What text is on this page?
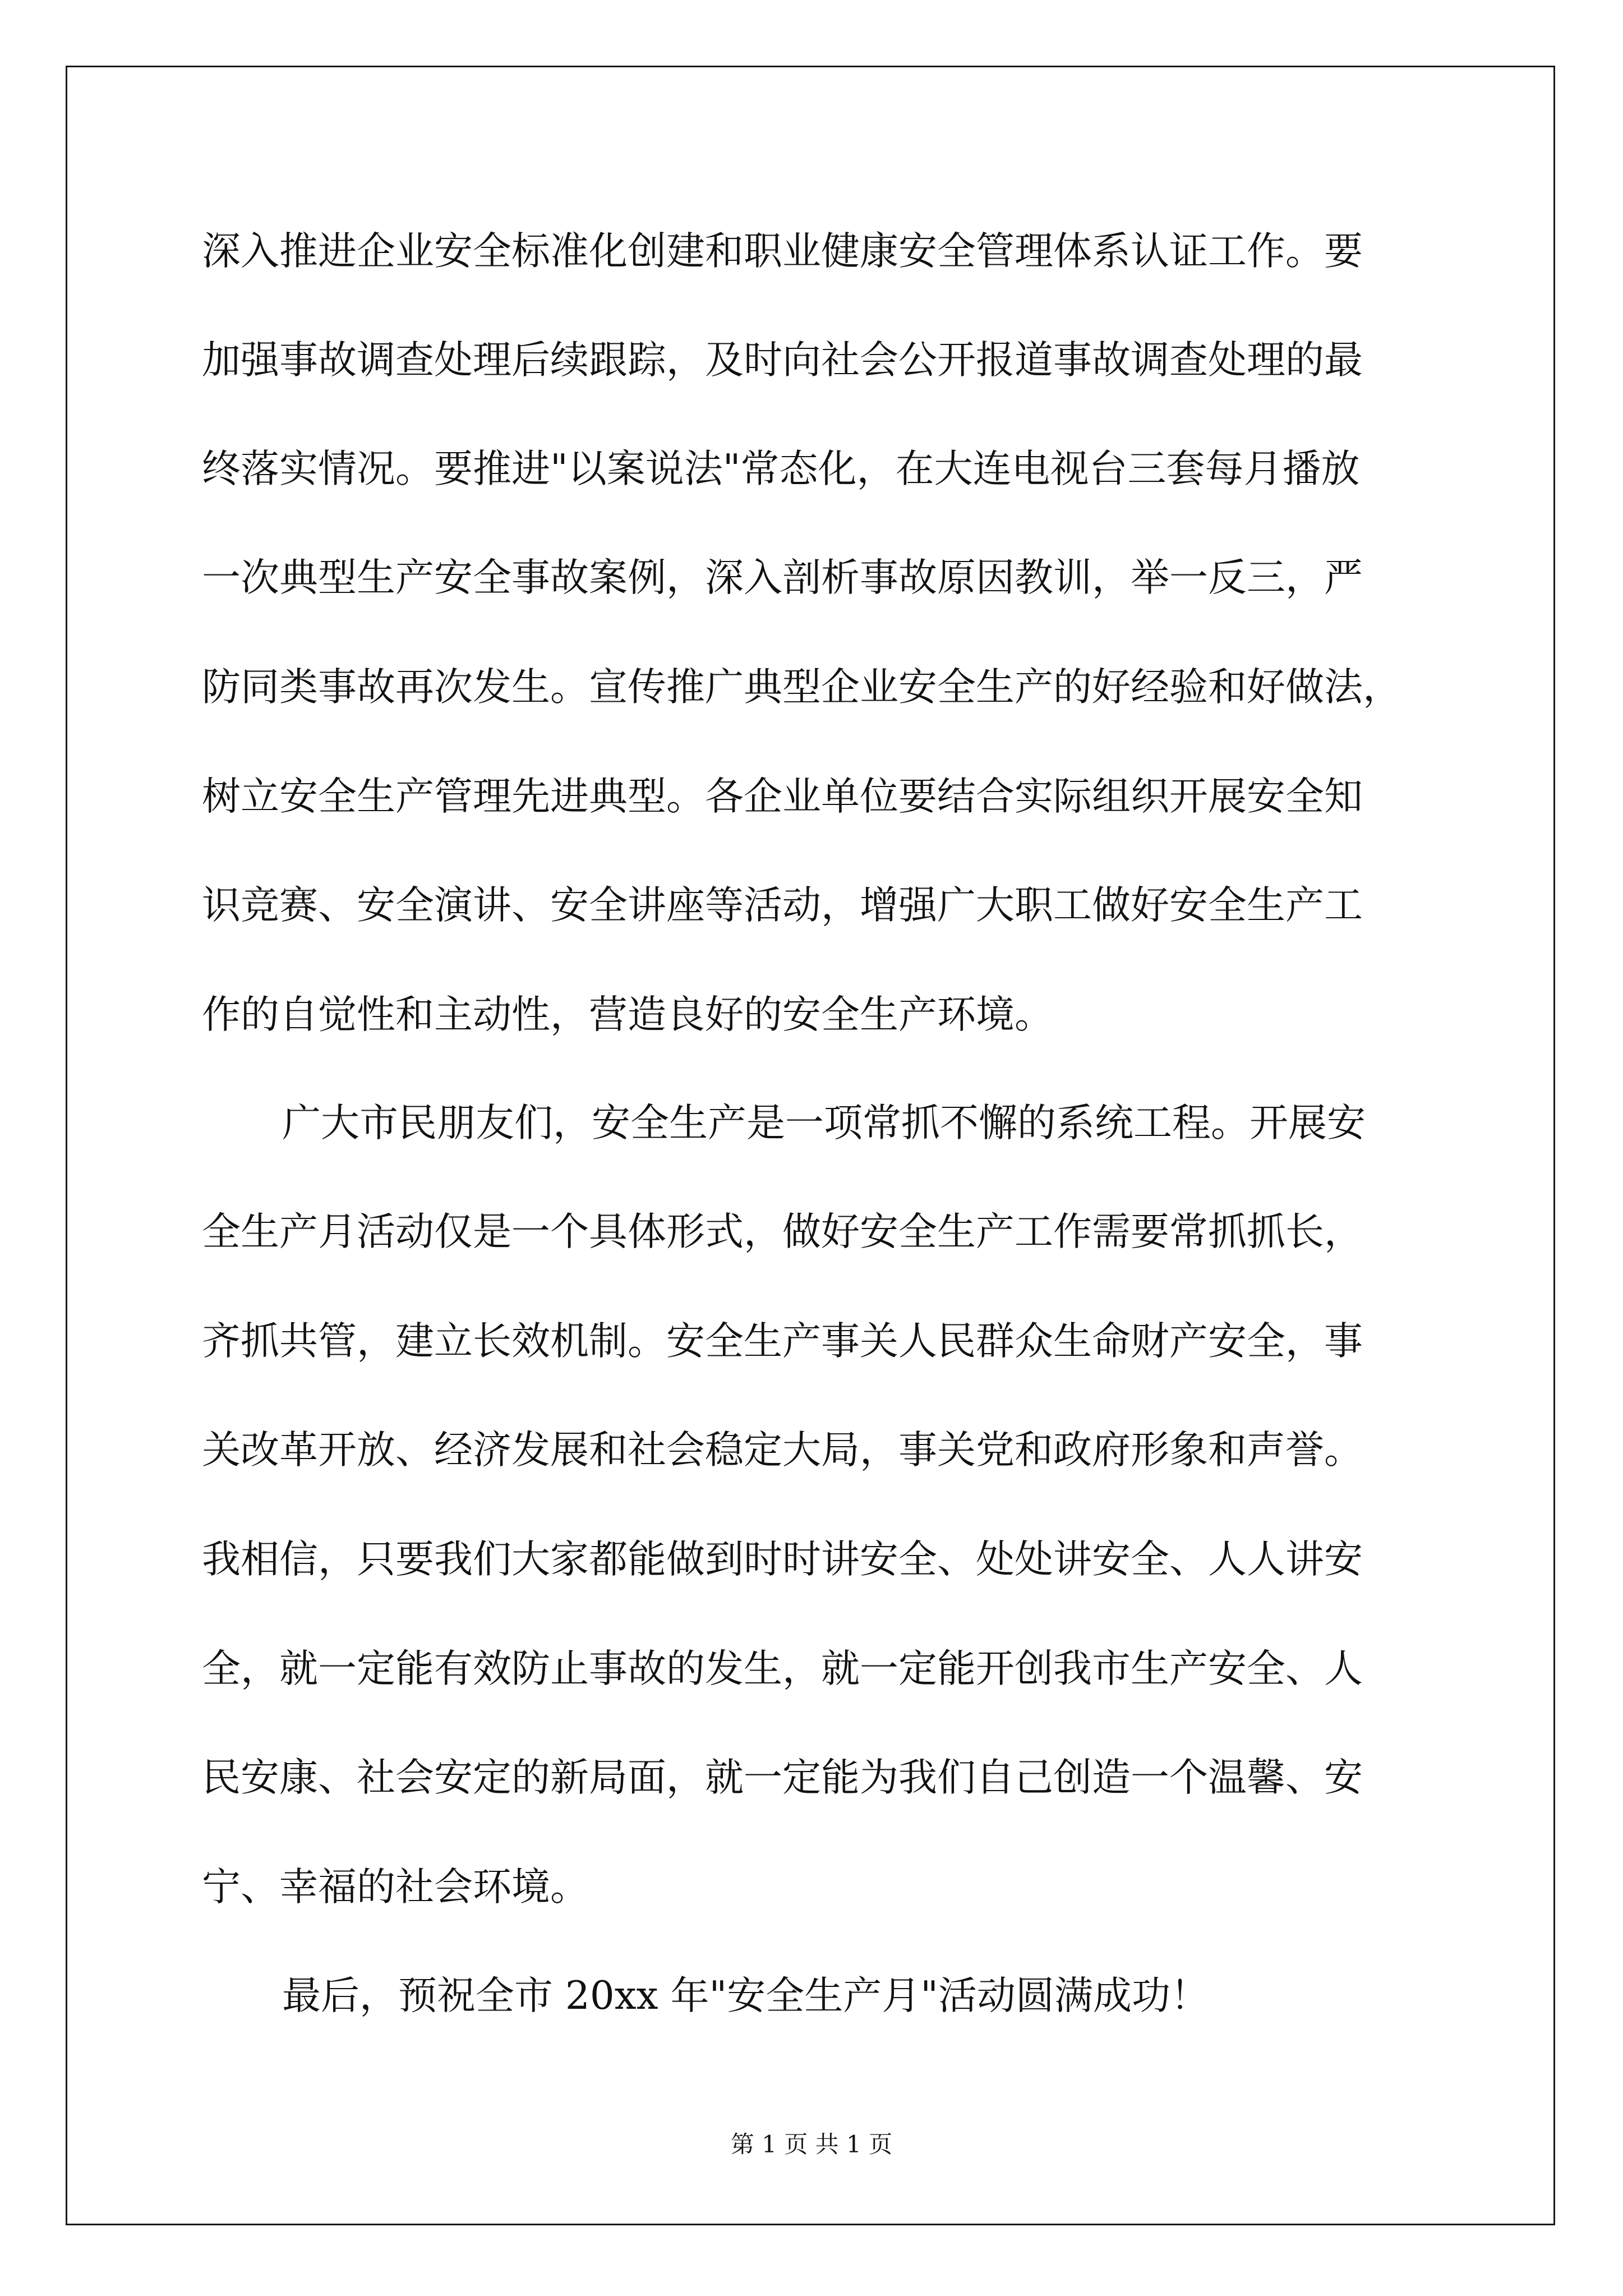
深入推进企业安全标准化创建和职业健康安全管理体系认证工作。要

加强事故调查处理后续跟踪，及时向社会公开报道事故调查处理的最

终落实情况。要推进"以案说法"常态化，在大连电视台三套每月播放

一次典型生产安全事故案例，深入剖析事故原因教训，举一反三，严

防同类事故再次发生。宣传推广典型企业安全生产的好经验和好做法，

树立安全生产管理先进典型。各企业单位要结合实际组织开展安全知

识竞赛、安全演讲、安全讲座等活动，增强广大职工做好安全生产工

作的自觉性和主动性，营造良好的安全生产环境。

广大市民朋友们，安全生产是一项常抓不懈的系统工程。开展安

全生产月活动仅是一个具体形式，做好安全生产工作需要常抓抓长，

齐抓共管，建立长效机制。安全生产事关人民群众生命财产安全，事

关改革开放、经济发展和社会稳定大局，事关党和政府形象和声誉。

我相信，只要我们大家都能做到时时讲安全、处处讲安全、人人讲安

全，就一定能有效防止事故的发生，就一定能开创我市生产安全、人

民安康、社会安定的新局面，就一定能为我们自己创造一个温馨、安

宁、幸福的社会环境。

最后，预祝全市 20xx 年"安全生产月"活动圆满成功！

第 1 页 共 1 页
